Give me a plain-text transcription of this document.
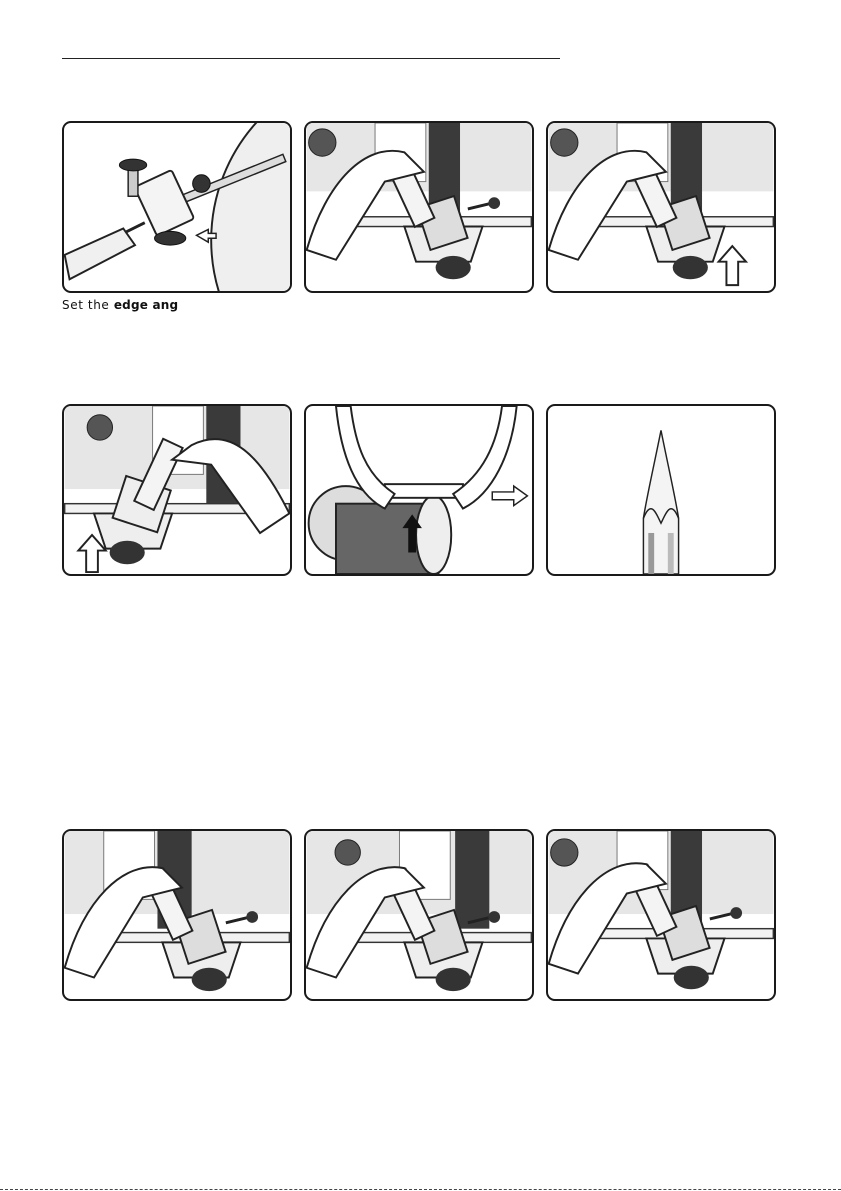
Set the edge ang
